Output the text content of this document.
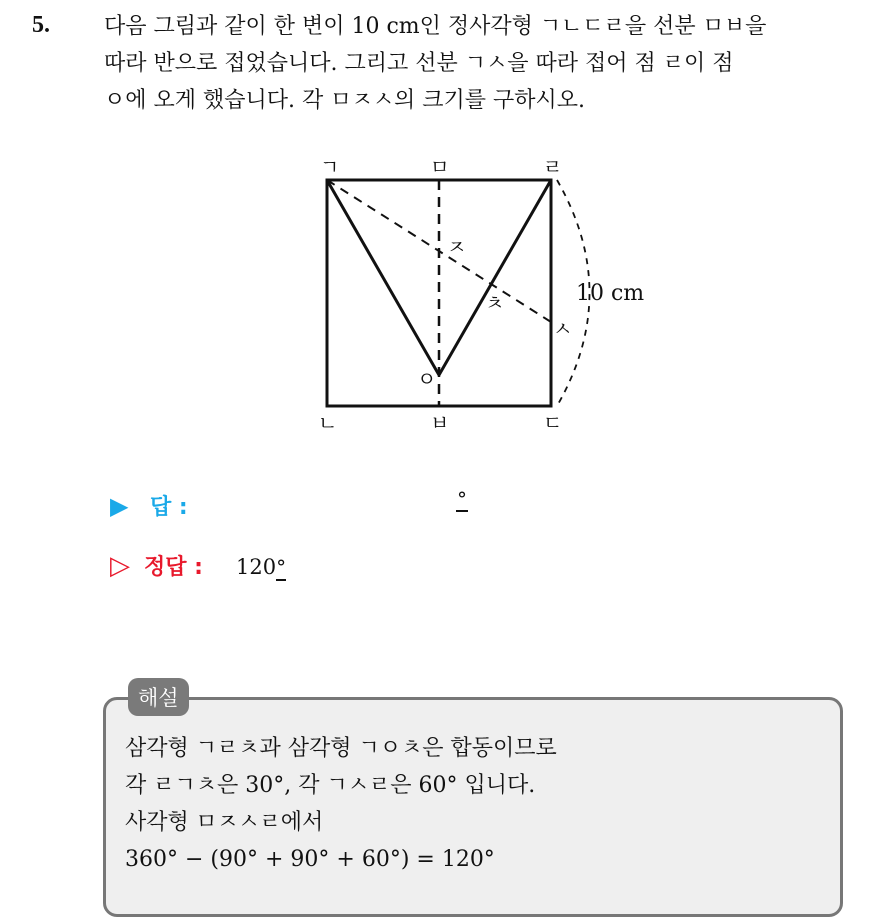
5. 다음 그림과 같이 한 변이 10 cm인 정사각형 ㄱㄴㄷㄹ을 선분 ㅁㅂ을
따라 반으로 접었습니다. 그리고 선분 ㄱㅅ을 따라 접어 점 ㄹ이 점
ㅇ에 오게 했습니다. 각 ㅁㅈㅅ의 크기를 구하시오.
ㄱ	ㅁ	ㄹ
ㅈ
ㅊ
ㅅ
ㅇ
ㄴ	ㅂ	ㄷ
10 cm
▶ 답 :	°
▷ 정답 :	120 °
해설
삼각형 ㄱㄹㅊ과 삼각형 ㄱㅇㅊ은 합동이므로
각 ㄹㄱㅊ은 30°, 각 ㄱㅅㄹ은 60° 입니다.
사각형 ㅁㅈㅅㄹ에서
360° − (90° + 90° + 60°) = 120°
